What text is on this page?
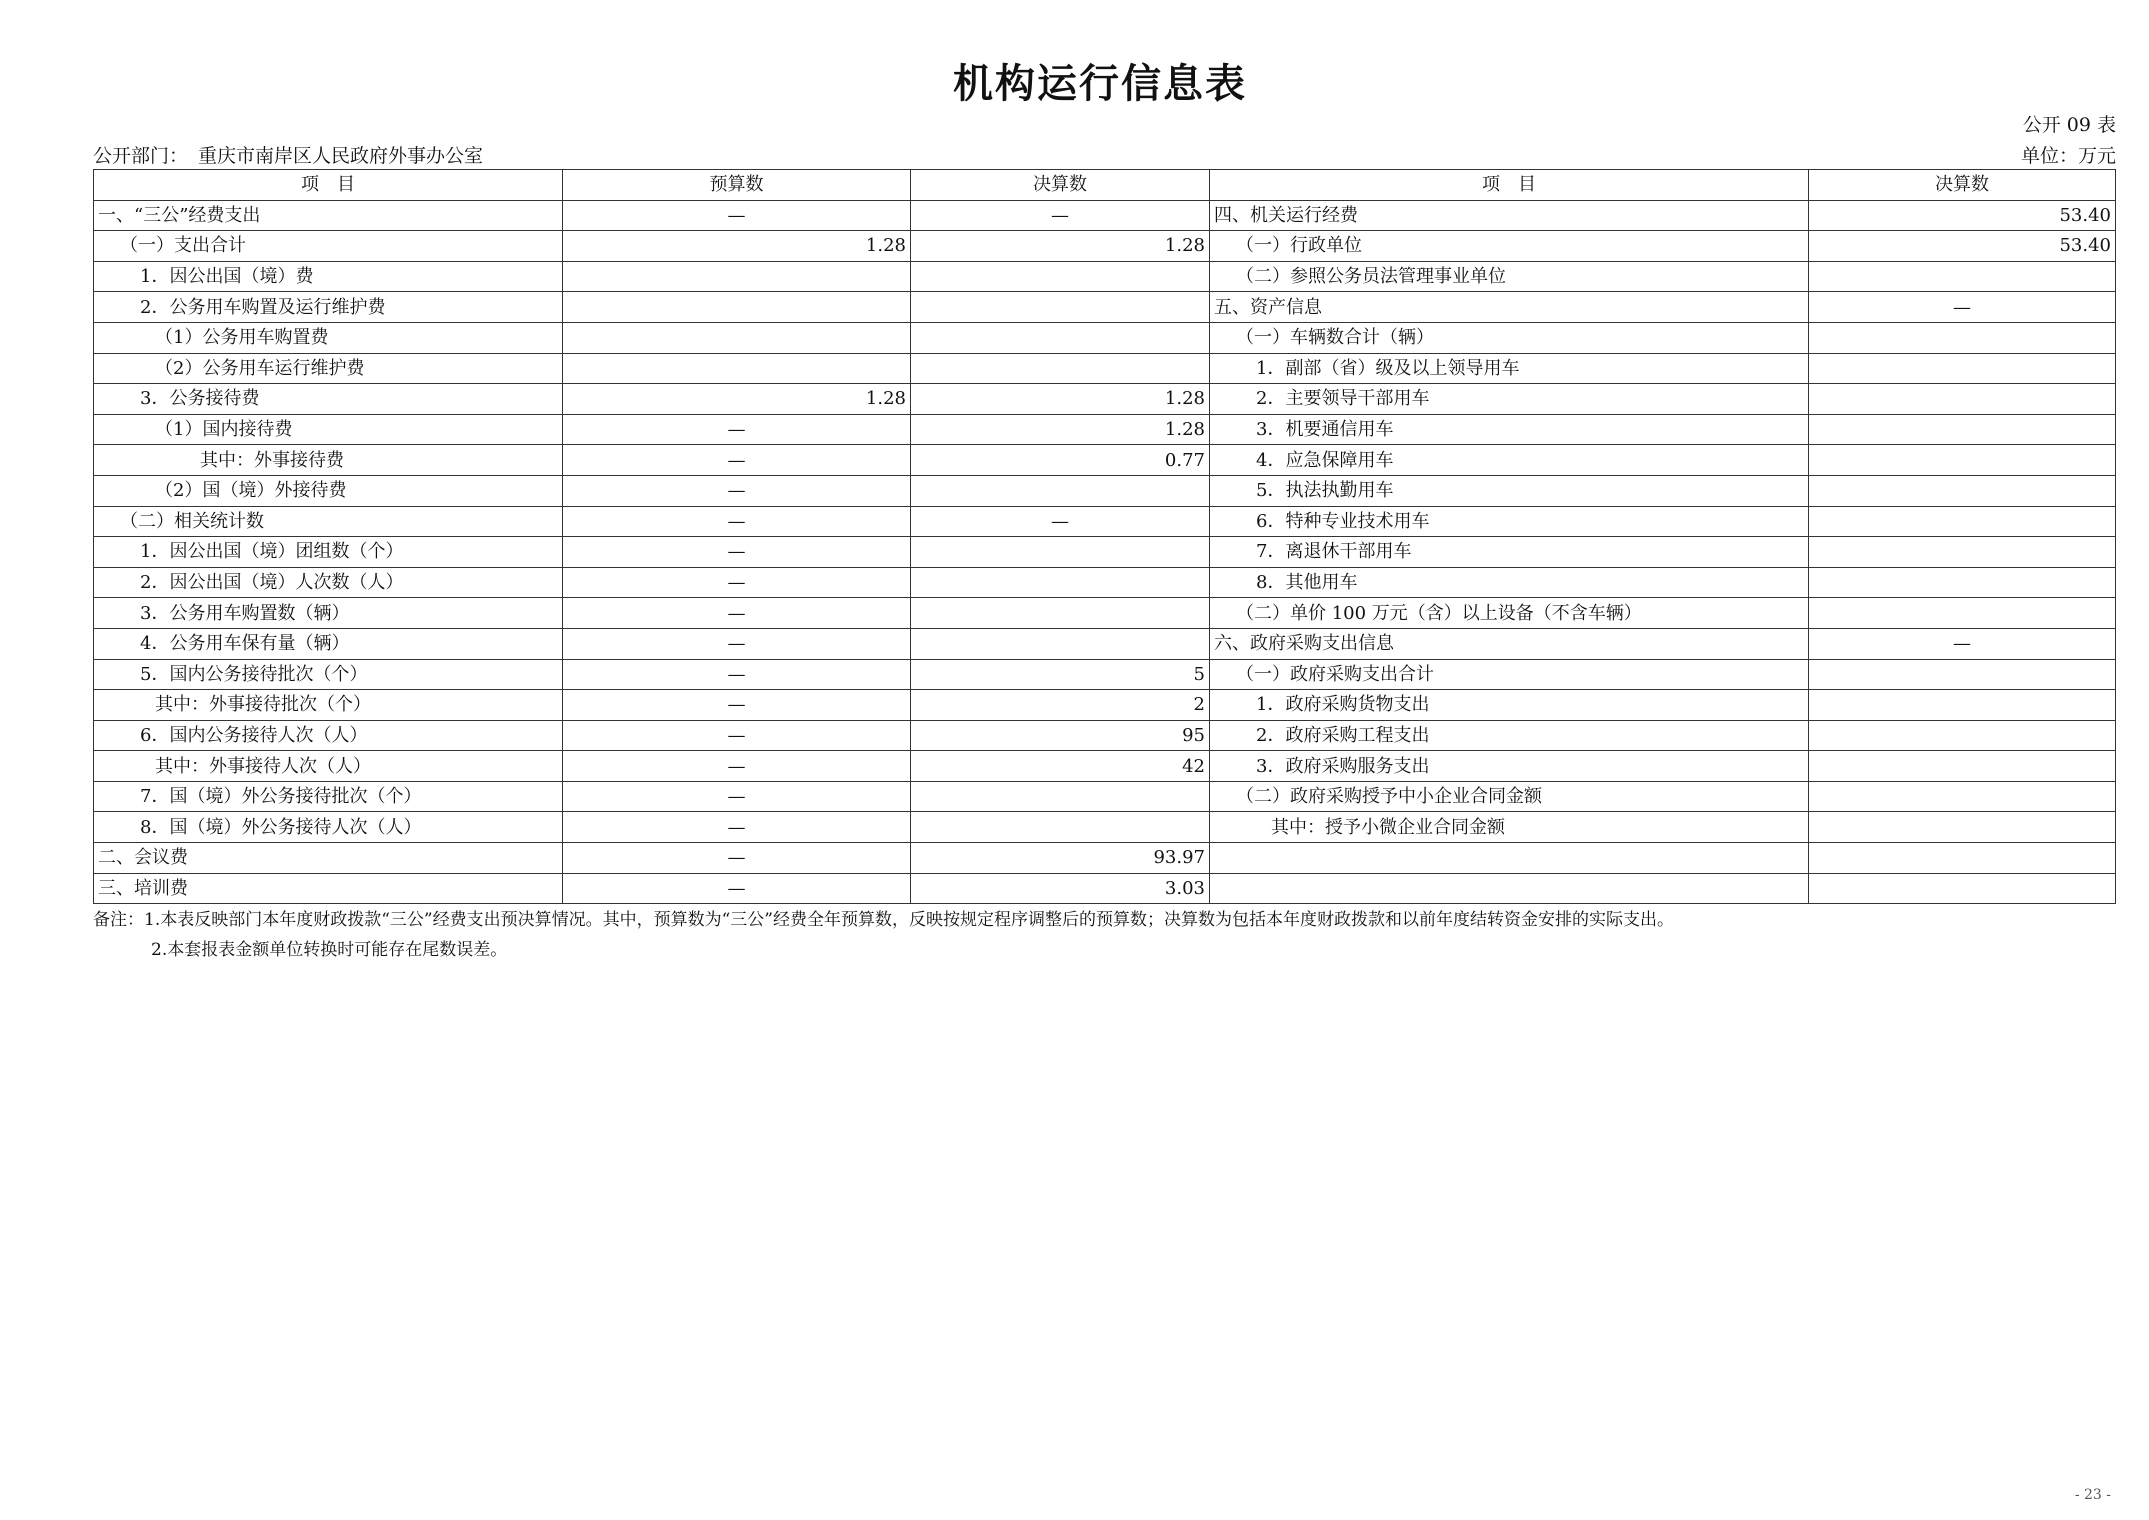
机构运行信息表
公开 09 表
公开部门： 重庆市南岸区人民政府外事办公室	单位：万元
项　目	预算数	决算数	项　目	决算数
一、“三公”经费支出	—	—	四、机关运行经费	53.40
（一）支出合计	1.28	1.28	（一）行政单位	53.40
1．因公出国（境）费			（二）参照公务员法管理事业单位	
2．公务用车购置及运行维护费			五、资产信息	—
（1）公务用车购置费			（一）车辆数合计（辆）	
（2）公务用车运行维护费			1．副部（省）级及以上领导用车	
3．公务接待费	1.28	1.28	2．主要领导干部用车	
（1）国内接待费	—	1.28	3．机要通信用车	
其中：外事接待费	—	0.77	4．应急保障用车	
（2）国（境）外接待费	—		5．执法执勤用车	
（二）相关统计数	—	—	6．特种专业技术用车	
1．因公出国（境）团组数（个）	—		7．离退休干部用车	
2．因公出国（境）人次数（人）	—		8．其他用车	
3．公务用车购置数（辆）	—		（二）单价 100 万元（含）以上设备（不含车辆）	
4．公务用车保有量（辆）	—		六、政府采购支出信息	—
5．国内公务接待批次（个）	—	5	（一）政府采购支出合计	
其中：外事接待批次（个）	—	2	1．政府采购货物支出	
6．国内公务接待人次（人）	—	95	2．政府采购工程支出	
其中：外事接待人次（人）	—	42	3．政府采购服务支出	
7．国（境）外公务接待批次（个）	—		（二）政府采购授予中小企业合同金额	
8．国（境）外公务接待人次（人）	—		其中：授予小微企业合同金额	
二、会议费	—	93.97		
三、培训费	—	3.03		
备注：1.本表反映部门本年度财政拨款“三公”经费支出预决算情况。其中，预算数为“三公”经费全年预算数，反映按规定程序调整后的预算数；决算数为包括本年度财政拨款和以前年度结转资金安排的实际支出。
2.本套报表金额单位转换时可能存在尾数误差。
- 23 -
